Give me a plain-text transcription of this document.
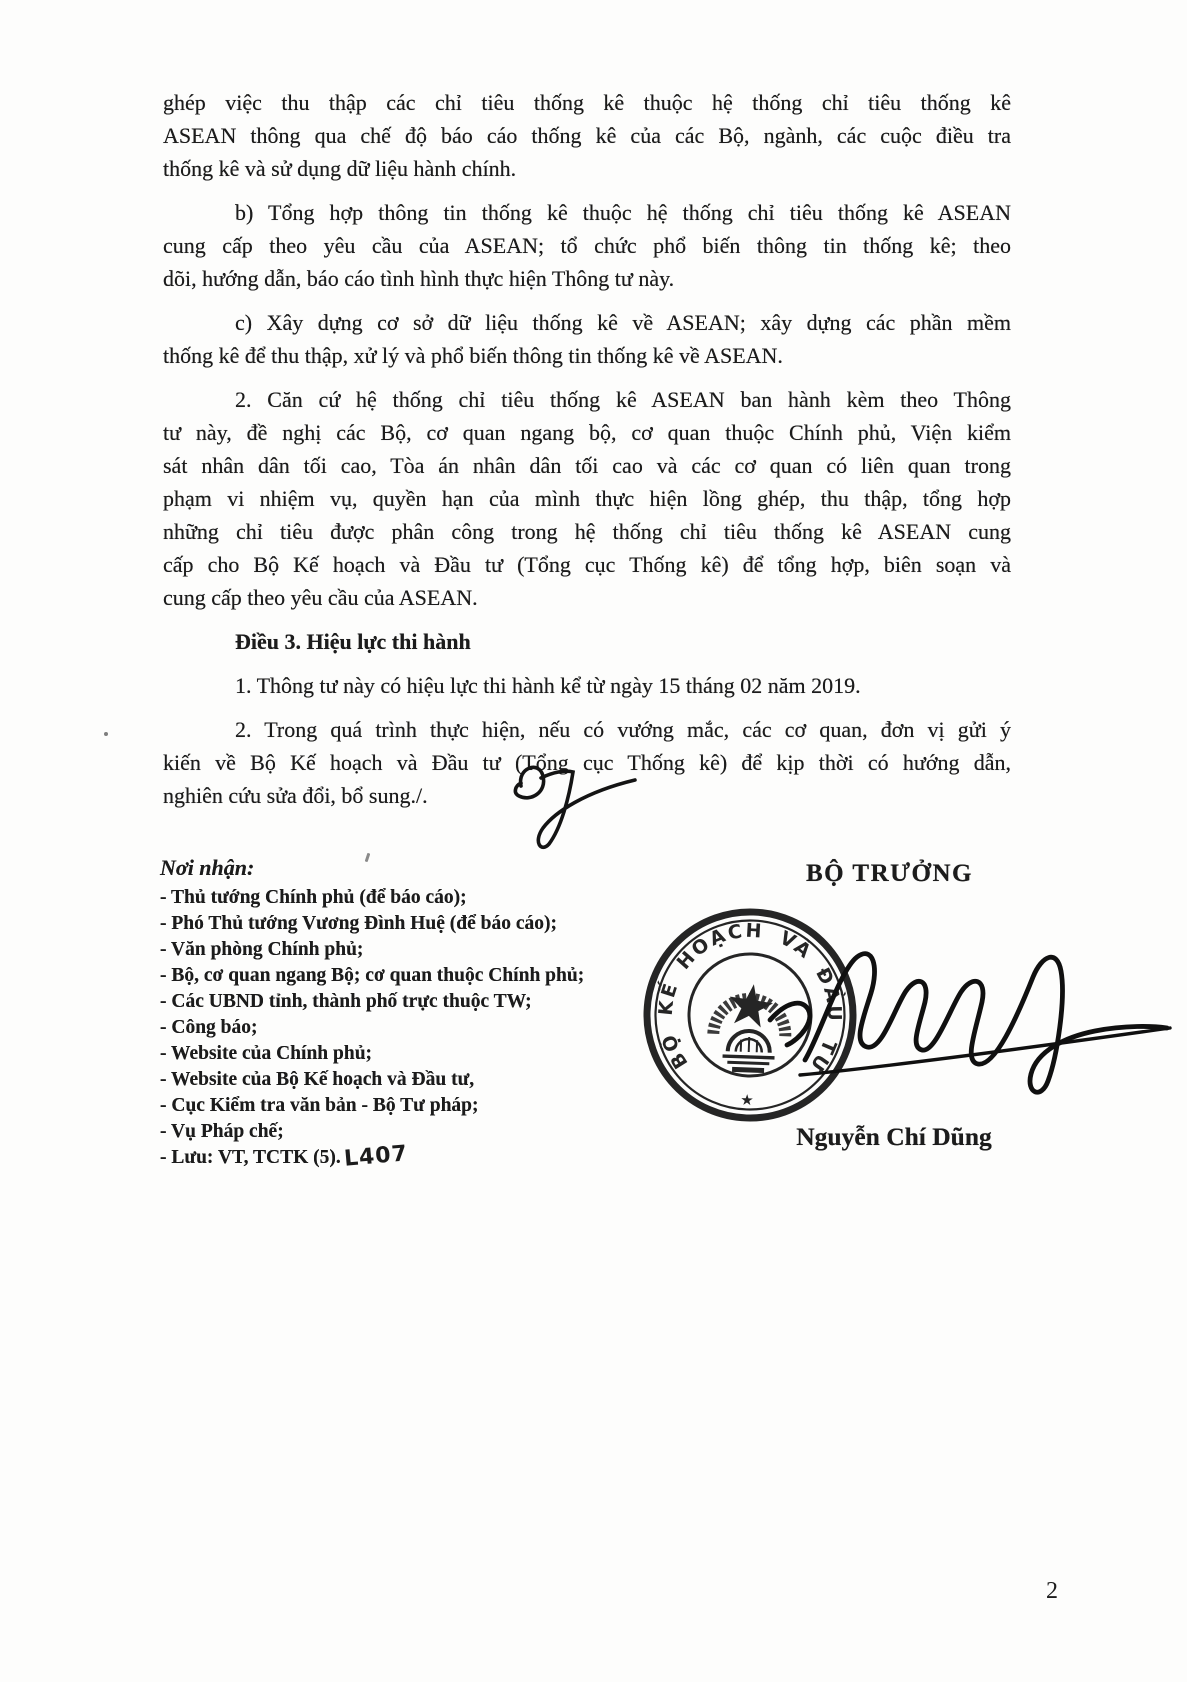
ghép việc thu thập các chỉ tiêu thống kê thuộc hệ thống chỉ tiêu thống kê
ASEAN thông qua chế độ báo cáo thống kê của các Bộ, ngành, các cuộc điều tra
thống kê và sử dụng dữ liệu hành chính.
b) Tổng hợp thông tin thống kê thuộc hệ thống chỉ tiêu thống kê ASEAN
cung cấp theo yêu cầu của ASEAN; tổ chức phổ biến thông tin thống kê; theo
dõi, hướng dẫn, báo cáo tình hình thực hiện Thông tư này.
c) Xây dựng cơ sở dữ liệu thống kê về ASEAN; xây dựng các phần mềm
thống kê để thu thập, xử lý và phổ biến thông tin thống kê về ASEAN.
2. Căn cứ hệ thống chỉ tiêu thống kê ASEAN ban hành kèm theo Thông
tư này, đề nghị các Bộ, cơ quan ngang bộ, cơ quan thuộc Chính phủ, Viện kiểm
sát nhân dân tối cao, Tòa án nhân dân tối cao và các cơ quan có liên quan trong
phạm vi nhiệm vụ, quyền hạn của mình thực hiện lồng ghép, thu thập, tổng hợp
những chỉ tiêu được phân công trong hệ thống chỉ tiêu thống kê ASEAN cung
cấp cho Bộ Kế hoạch và Đầu tư (Tổng cục Thống kê) để tổng hợp, biên soạn và
cung cấp theo yêu cầu của ASEAN.
Điều 3. Hiệu lực thi hành
1. Thông tư này có hiệu lực thi hành kể từ ngày 15 tháng 02 năm 2019.
2. Trong quá trình thực hiện, nếu có vướng mắc, các cơ quan, đơn vị gửi ý
kiến về Bộ Kế hoạch và Đầu tư (Tổng cục Thống kê) để kịp thời có hướng dẫn,
nghiên cứu sửa đổi, bổ sung./.
Nơi nhận:
- Thủ tướng Chính phủ (để báo cáo);
- Phó Thủ tướng Vương Đình Huệ (để báo cáo);
- Văn phòng Chính phủ;
- Bộ, cơ quan ngang Bộ; cơ quan thuộc Chính phủ;
- Các UBND tỉnh, thành phố trực thuộc TW;
- Công báo;
- Website của Chính phủ;
- Website của Bộ Kế hoạch và Đầu tư,
- Cục Kiểm tra văn bản - Bộ Tư pháp;
- Vụ Pháp chế;
- Lưu: VT, TCTK (5). L407
BỘ TRƯỞNG
BỘ KẾ HOẠCH VÀ ĐẦU TƯ
★
Nguyễn Chí Dũng
2
